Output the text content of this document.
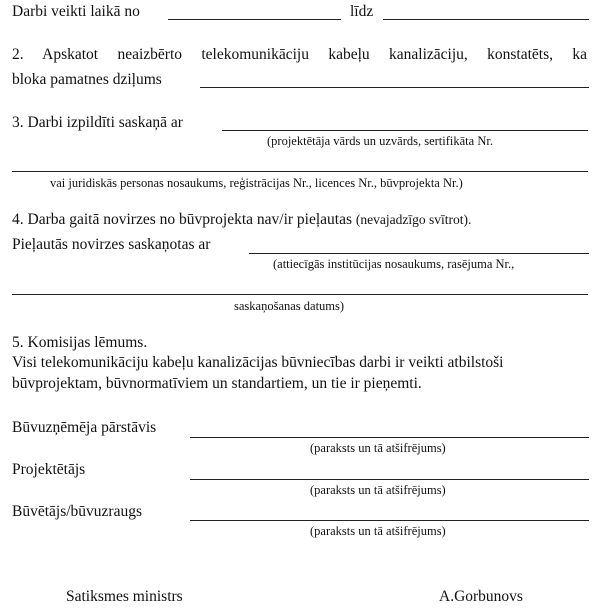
Darbi veikti laikā no	līdz
2. Apskatot neaizbērto telekomunikāciju kabeļu kanalizāciju, konstatēts, ka
bloka pamatnes dziļums
3. Darbi izpildīti saskaņā ar
(projektētāja vārds un uzvārds, sertifikāta Nr.
vai juridiskās personas nosaukums, reģistrācijas Nr., licences Nr., būvprojekta Nr.)
4. Darba gaitā novirzes no būvprojekta nav/ir pieļautas (nevajadzīgo svītrot).
Pieļautās novirzes saskaņotas ar
(attiecīgās institūcijas nosaukums, rasējuma Nr.,
saskaņošanas datums)
5. Komisijas lēmums.
Visi telekomunikāciju kabeļu kanalizācijas būvniecības darbi ir veikti atbilstoši
būvprojektam, būvnormatīviem un standartiem, un tie ir pieņemti.
Būvuzņēmēja pārstāvis
(paraksts un tā atšifrējums)
Projektētājs
(paraksts un tā atšifrējums)
Būvētājs/būvuzraugs
(paraksts un tā atšifrējums)
Satiksmes ministrs	A.Gorbunovs
